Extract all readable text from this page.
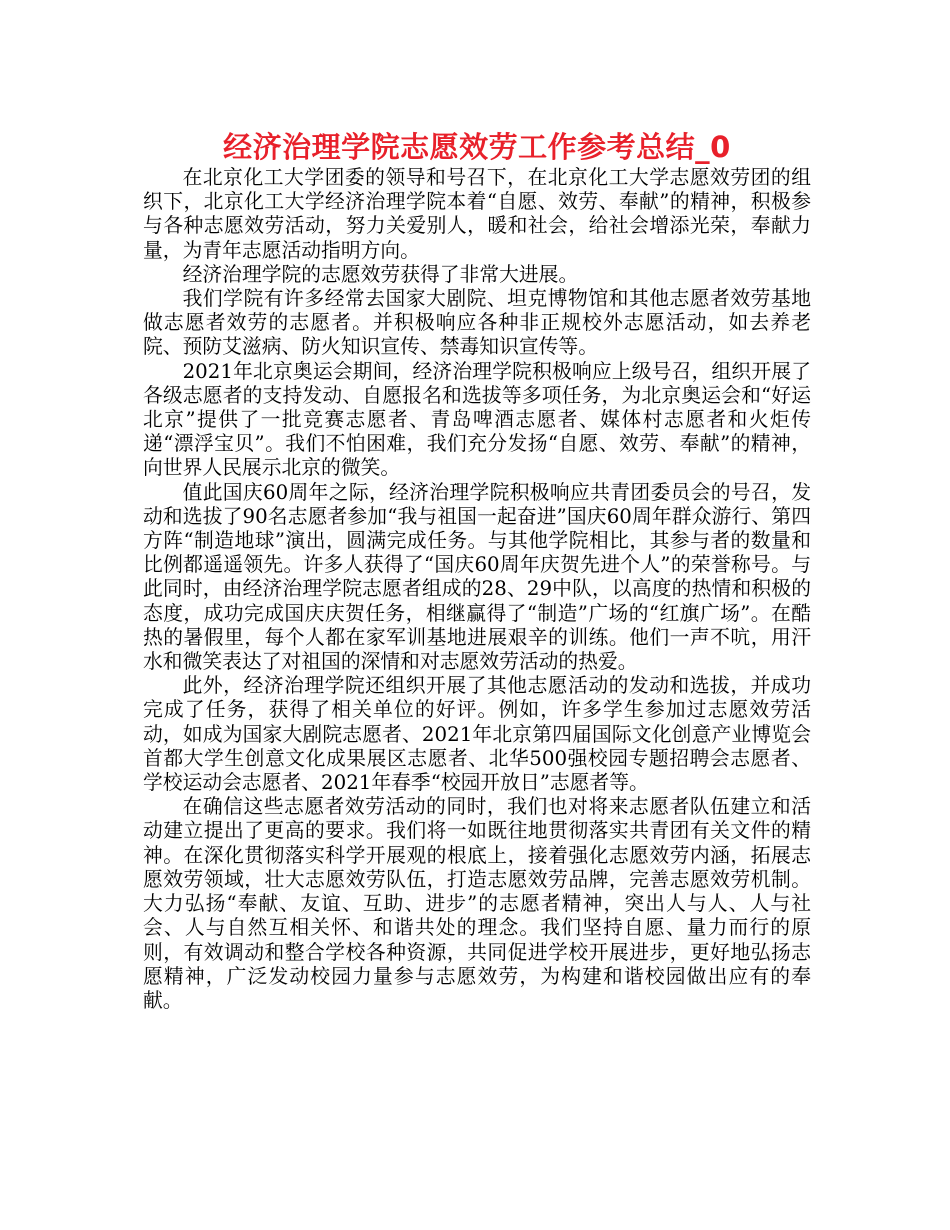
经济治理学院志愿效劳工作参考总结_0

在北京化工大学团委的领导和号召下，在北京化工大学志愿效劳团的组织下，北京化工大学经济治理学院本着“自愿、效劳、奉献”的精神，积极参与各种志愿效劳活动，努力关爱别人，暖和社会，给社会增添光荣，奉献力量，为青年志愿活动指明方向。

经济治理学院的志愿效劳获得了非常大进展。

我们学院有许多经常去国家大剧院、坦克博物馆和其他志愿者效劳基地做志愿者效劳的志愿者。并积极响应各种非正规校外志愿活动，如去养老院、预防艾滋病、防火知识宣传、禁毒知识宣传等。

2021年北京奥运会期间，经济治理学院积极响应上级号召，组织开展了各级志愿者的支持发动、自愿报名和选拔等多项任务，为北京奥运会和“好运北京”提供了一批竞赛志愿者、青岛啤酒志愿者、媒体村志愿者和火炬传递“漂浮宝贝”。我们不怕困难，我们充分发扬“自愿、效劳、奉献”的精神，向世界人民展示北京的微笑。

值此国庆60周年之际，经济治理学院积极响应共青团委员会的号召，发动和选拔了90名志愿者参加“我与祖国一起奋进”国庆60周年群众游行、第四方阵“制造地球”演出，圆满完成任务。与其他学院相比，其参与者的数量和比例都遥遥领先。许多人获得了“国庆60周年庆贺先进个人”的荣誉称号。与此同时，由经济治理学院志愿者组成的28、29中队，以高度的热情和积极的态度，成功完成国庆庆贺任务，相继赢得了“制造”广场的“红旗广场”。在酷热的暑假里，每个人都在家军训基地进展艰辛的训练。他们一声不吭，用汗水和微笑表达了对祖国的深情和对志愿效劳活动的热爱。

此外，经济治理学院还组织开展了其他志愿活动的发动和选拔，并成功完成了任务，获得了相关单位的好评。例如，许多学生参加过志愿效劳活动，如成为国家大剧院志愿者、2021年北京第四届国际文化创意产业博览会首都大学生创意文化成果展区志愿者、北华500强校园专题招聘会志愿者、学校运动会志愿者、2021年春季“校园开放日”志愿者等。

在确信这些志愿者效劳活动的同时，我们也对将来志愿者队伍建立和活动建立提出了更高的要求。我们将一如既往地贯彻落实共青团有关文件的精神。在深化贯彻落实科学开展观的根底上，接着强化志愿效劳内涵，拓展志愿效劳领域，壮大志愿效劳队伍，打造志愿效劳品牌，完善志愿效劳机制。大力弘扬“奉献、友谊、互助、进步”的志愿者精神，突出人与人、人与社会、人与自然互相关怀、和谐共处的理念。我们坚持自愿、量力而行的原则，有效调动和整合学校各种资源，共同促进学校开展进步，更好地弘扬志愿精神，广泛发动校园力量参与志愿效劳，为构建和谐校园做出应有的奉献。
